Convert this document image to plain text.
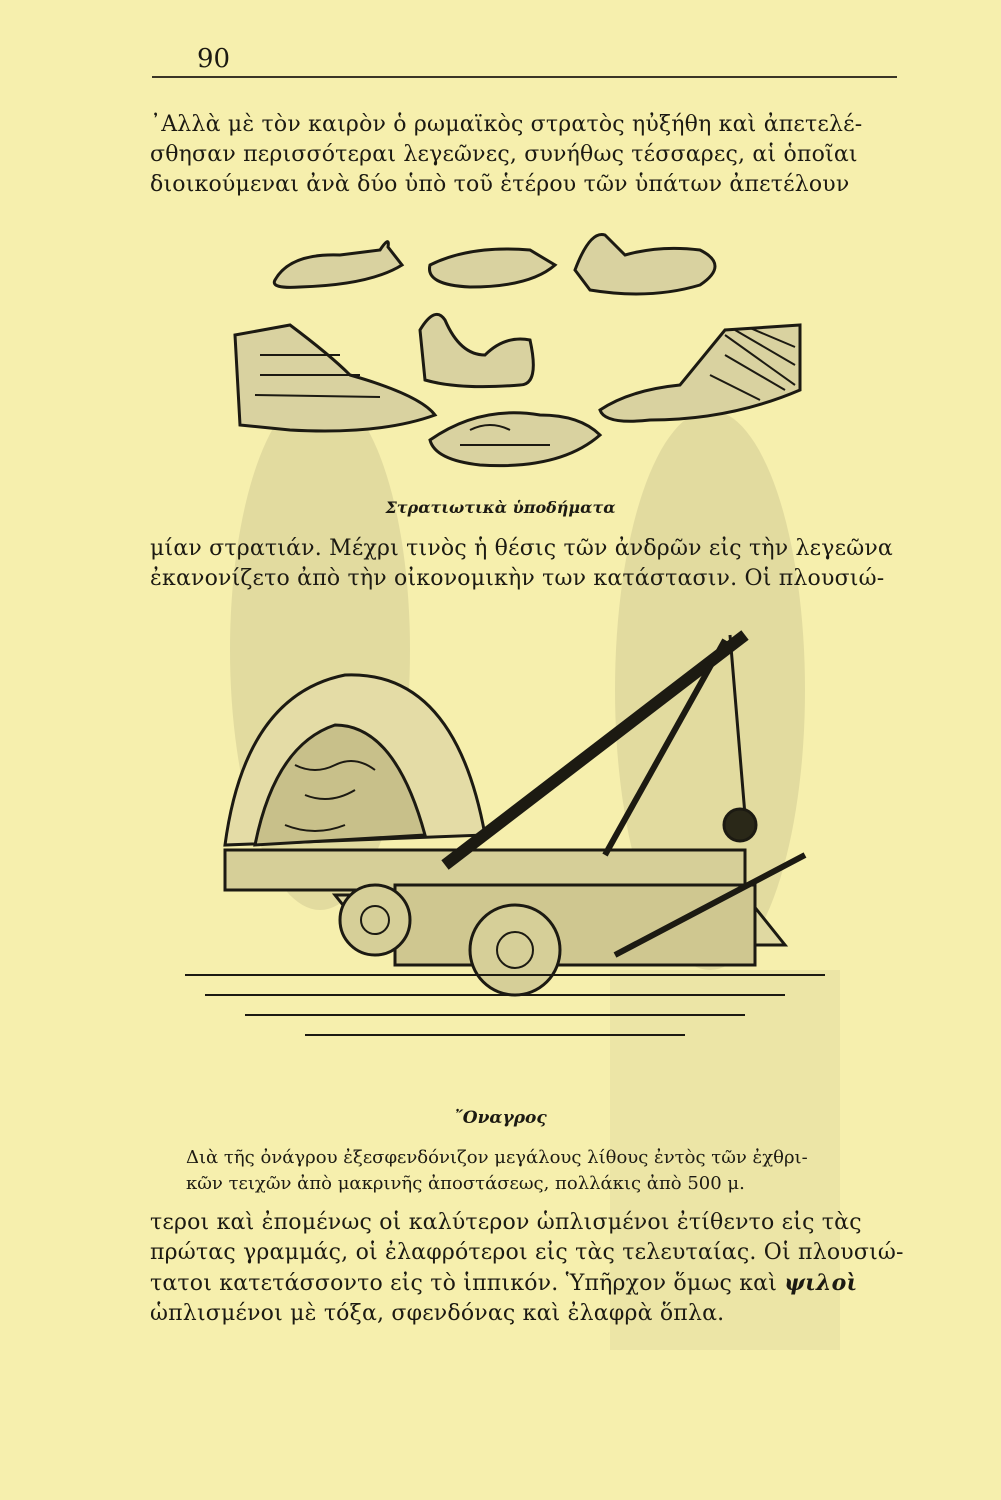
90
᾿Αλλὰ μὲ τὸν καιρὸν ὁ ρωμαϊκὸς στρατὸς ηὐξήθη καὶ ἀπετελέ-
σθησαν περισσότεραι λεγεῶνες, συνήθως τέσσαρες, αἱ ὁποῖαι
διοικούμεναι ἀνὰ δύο ὑπὸ τοῦ ἑτέρου τῶν ὑπάτων ἀπετέλουν
Στρατιωτικὰ ὑποδήματα
μίαν στρατιάν. Μέχρι τινὸς ἡ θέσις τῶν ἀνδρῶν εἰς τὴν λεγεῶνα
ἐκανονίζετο ἀπὸ τὴν οἰκονομικὴν των κατάστασιν. Οἱ πλουσιώ-
῎Οναγρος
Διὰ τῆς ὀνάγρου ἐξεσφενδόνιζον μεγάλους λίθους ἐντὸς τῶν ἐχθρι-
κῶν τειχῶν ἀπὸ μακρινῆς ἀποστάσεως, πολλάκις ἀπὸ 500 μ.
τεροι καὶ ἐπομένως οἱ καλύτερον ὡπλισμένοι ἐτίθεντο εἰς τὰς
πρώτας γραμμάς, οἱ ἐλαφρότεροι εἰς τὰς τελευταίας. Οἱ πλουσιώ-
τατοι κατετάσσοντο εἰς τὸ ἱππικόν. Ὑπῆρχον ὅμως καὶ ψιλοὶ
ὡπλισμένοι μὲ τόξα, σφενδόνας καὶ ἐλαφρὰ ὅπλα.
